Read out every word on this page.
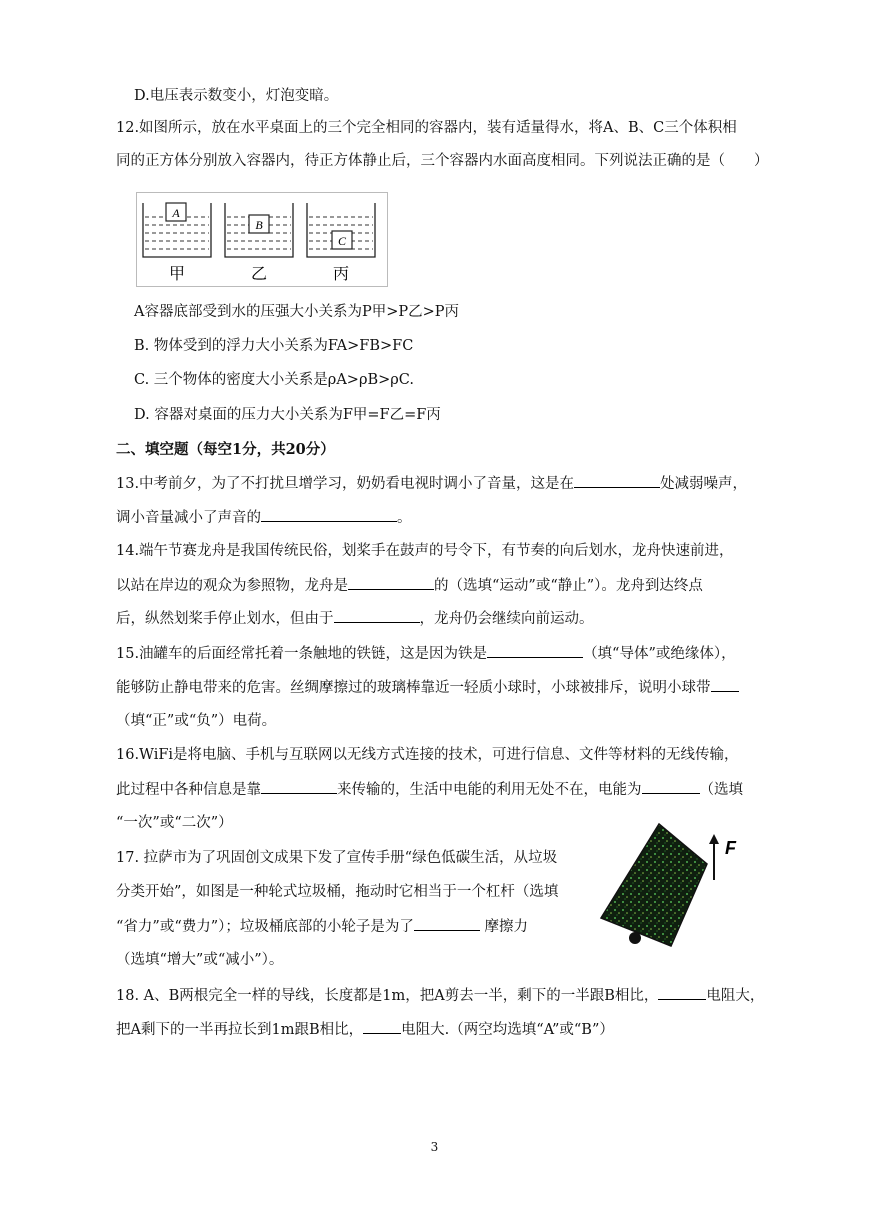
D.电压表示数变小，灯泡变暗。
12.如图所示，放在水平桌面上的三个完全相同的容器内，装有适量得水，将A、B、C三个体积相
同的正方体分别放入容器内，待正方体静止后，三个容器内水面高度相同。下列说法正确的是（　　）
A
B
C
甲	乙	丙
A容器底部受到水的压强大小关系为P甲>P乙>P丙
B. 物体受到的浮力大小关系为FA>FB>FC
C. 三个物体的密度大小关系是ρA>ρB>ρC.
D. 容器对桌面的压力大小关系为F甲=F乙=F丙
二、填空题（每空1分，共20分）
13.中考前夕，为了不打扰旦增学习，奶奶看电视时调小了音量，这是在	处减弱噪声，
调小音量减小了声音的	。
14.端午节赛龙舟是我国传统民俗，划桨手在鼓声的号令下，有节奏的向后划水，龙舟快速前进，
以站在岸边的观众为参照物，龙舟是	的（选填“运动”或“静止”）。龙舟到达终点
后，纵然划桨手停止划水，但由于	，龙舟仍会继续向前运动。
15.油罐车的后面经常托着一条触地的铁链，这是因为铁是	（填“导体”或绝缘体），
能够防止静电带来的危害。丝绸摩擦过的玻璃棒靠近一轻质小球时，小球被排斥，说明小球带
（填“正”或“负”）电荷。
16.WiFi是将电脑、手机与互联网以无线方式连接的技术，可进行信息、文件等材料的无线传输，
此过程中各种信息是靠	来传输的，生活中电能的利用无处不在，电能为	（选填
“一次”或“二次”）
17. 拉萨市为了巩固创文成果下发了宣传手册“绿色低碳生活，从垃圾
分类开始”，如图是一种轮式垃圾桶，拖动时它相当于一个杠杆（选填
“省力”或“费力”）；垃圾桶底部的小轮子是为了	摩擦力
（选填“增大”或“减小”）。
F
18. A、B两根完全一样的导线，长度都是1m，把A剪去一半，剩下的一半跟B相比，	电阻大，
把A剩下的一半再拉长到1m跟B相比，	电阻大.（两空均选填“A”或“B”）
3
